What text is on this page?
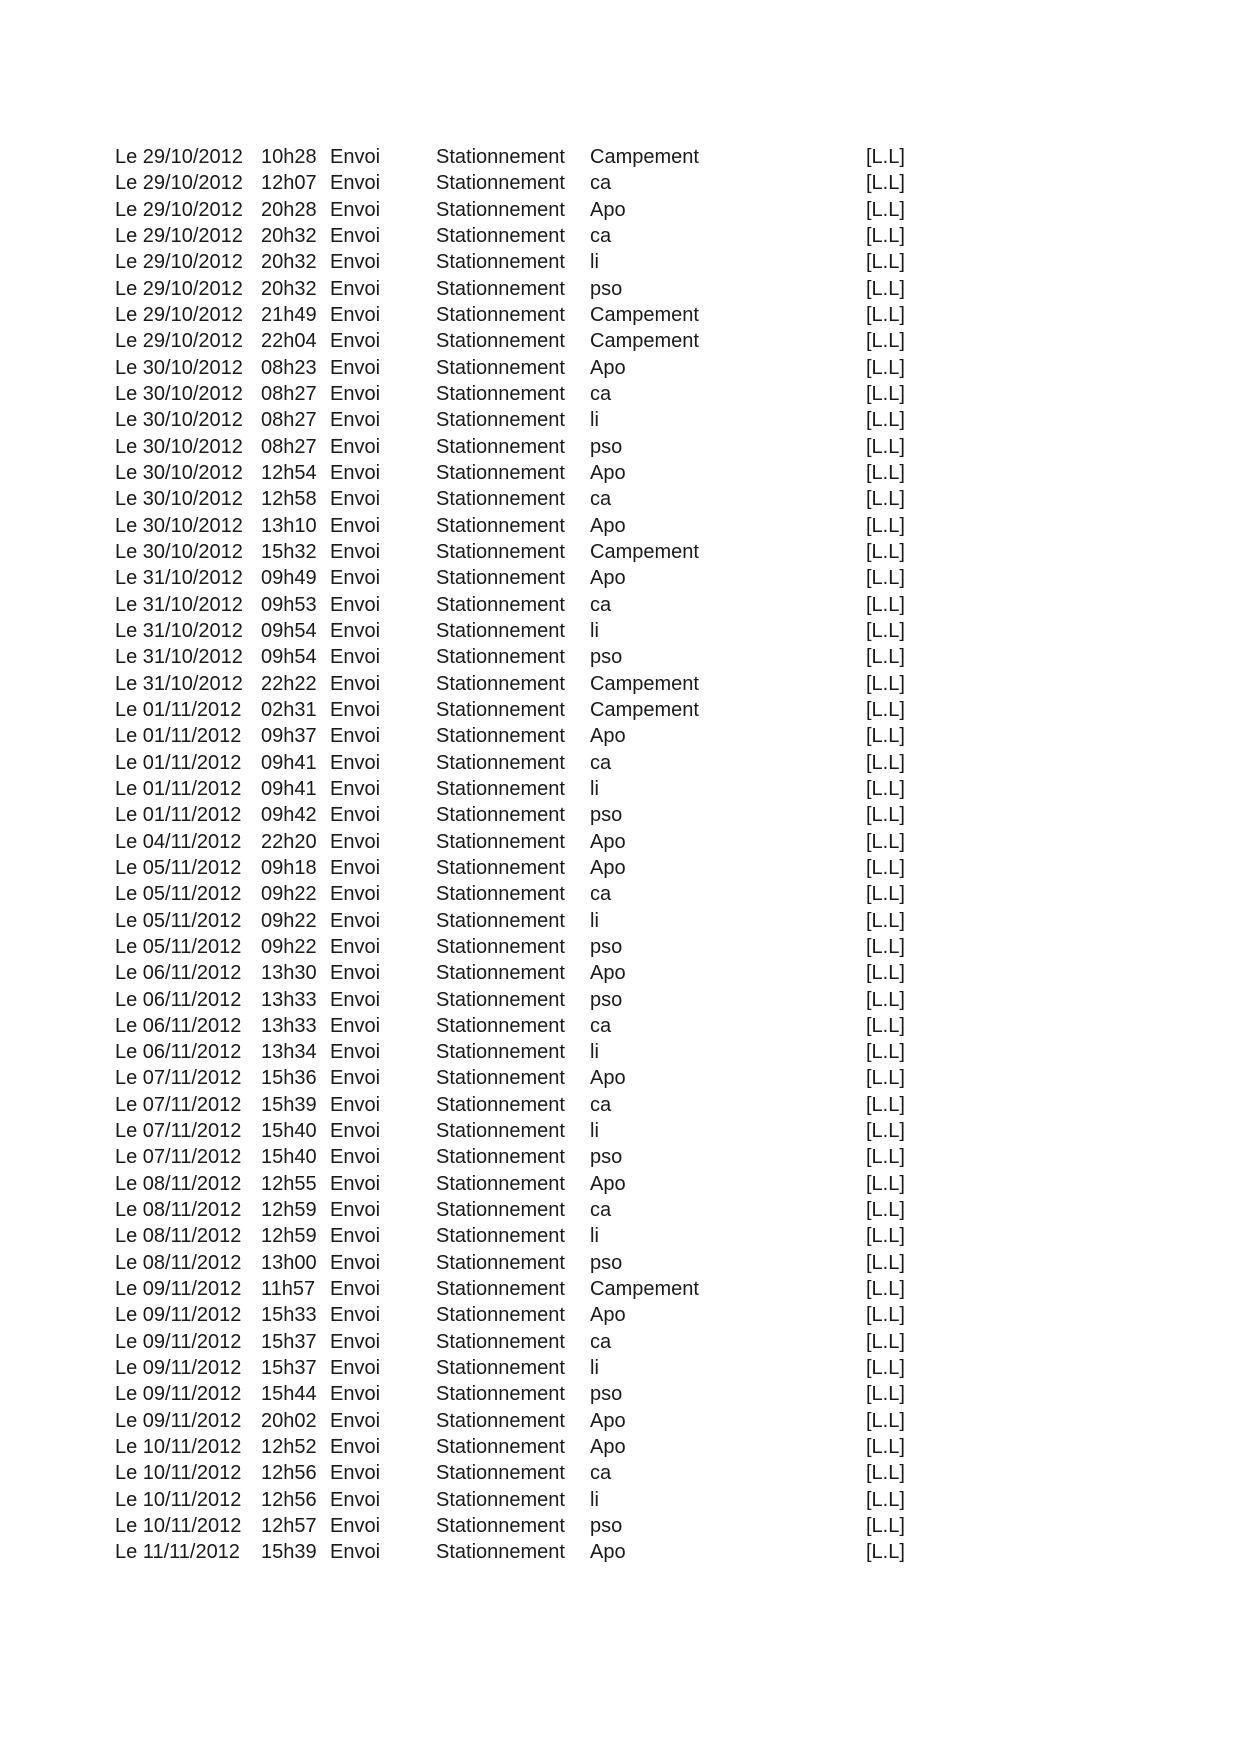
Le 29/10/2012 10h28 Envoi	Stationnement Campement	[L.L]
Le 29/10/2012 12h07 Envoi	Stationnement ca	[L.L]
Le 29/10/2012 20h28 Envoi	Stationnement Apo	[L.L]
Le 29/10/2012 20h32 Envoi	Stationnement ca	[L.L]
Le 29/10/2012 20h32 Envoi	Stationnement li	[L.L]
Le 29/10/2012 20h32 Envoi	Stationnement pso	[L.L]
Le 29/10/2012 21h49 Envoi	Stationnement Campement	[L.L]
Le 29/10/2012 22h04 Envoi	Stationnement Campement	[L.L]
Le 30/10/2012 08h23 Envoi	Stationnement Apo	[L.L]
Le 30/10/2012 08h27 Envoi	Stationnement ca	[L.L]
Le 30/10/2012 08h27 Envoi	Stationnement li	[L.L]
Le 30/10/2012 08h27 Envoi	Stationnement pso	[L.L]
Le 30/10/2012 12h54 Envoi	Stationnement Apo	[L.L]
Le 30/10/2012 12h58 Envoi	Stationnement ca	[L.L]
Le 30/10/2012 13h10 Envoi	Stationnement Apo	[L.L]
Le 30/10/2012 15h32 Envoi	Stationnement Campement	[L.L]
Le 31/10/2012 09h49 Envoi	Stationnement Apo	[L.L]
Le 31/10/2012 09h53 Envoi	Stationnement ca	[L.L]
Le 31/10/2012 09h54 Envoi	Stationnement li	[L.L]
Le 31/10/2012 09h54 Envoi	Stationnement pso	[L.L]
Le 31/10/2012 22h22 Envoi	Stationnement Campement	[L.L]
Le 01/11/2012 02h31 Envoi	Stationnement Campement	[L.L]
Le 01/11/2012 09h37 Envoi	Stationnement Apo	[L.L]
Le 01/11/2012 09h41 Envoi	Stationnement ca	[L.L]
Le 01/11/2012 09h41 Envoi	Stationnement li	[L.L]
Le 01/11/2012 09h42 Envoi	Stationnement pso	[L.L]
Le 04/11/2012 22h20 Envoi	Stationnement Apo	[L.L]
Le 05/11/2012 09h18 Envoi	Stationnement Apo	[L.L]
Le 05/11/2012 09h22 Envoi	Stationnement ca	[L.L]
Le 05/11/2012 09h22 Envoi	Stationnement li	[L.L]
Le 05/11/2012 09h22 Envoi	Stationnement pso	[L.L]
Le 06/11/2012 13h30 Envoi	Stationnement Apo	[L.L]
Le 06/11/2012 13h33 Envoi	Stationnement pso	[L.L]
Le 06/11/2012 13h33 Envoi	Stationnement ca	[L.L]
Le 06/11/2012 13h34 Envoi	Stationnement li	[L.L]
Le 07/11/2012 15h36 Envoi	Stationnement Apo	[L.L]
Le 07/11/2012 15h39 Envoi	Stationnement ca	[L.L]
Le 07/11/2012 15h40 Envoi	Stationnement li	[L.L]
Le 07/11/2012 15h40 Envoi	Stationnement pso	[L.L]
Le 08/11/2012 12h55 Envoi	Stationnement Apo	[L.L]
Le 08/11/2012 12h59 Envoi	Stationnement ca	[L.L]
Le 08/11/2012 12h59 Envoi	Stationnement li	[L.L]
Le 08/11/2012 13h00 Envoi	Stationnement pso	[L.L]
Le 09/11/2012 11h57 Envoi	Stationnement Campement	[L.L]
Le 09/11/2012 15h33 Envoi	Stationnement Apo	[L.L]
Le 09/11/2012 15h37 Envoi	Stationnement ca	[L.L]
Le 09/11/2012 15h37 Envoi	Stationnement li	[L.L]
Le 09/11/2012 15h44 Envoi	Stationnement pso	[L.L]
Le 09/11/2012 20h02 Envoi	Stationnement Apo	[L.L]
Le 10/11/2012 12h52 Envoi	Stationnement Apo	[L.L]
Le 10/11/2012 12h56 Envoi	Stationnement ca	[L.L]
Le 10/11/2012 12h56 Envoi	Stationnement li	[L.L]
Le 10/11/2012 12h57 Envoi	Stationnement pso	[L.L]
Le 11/11/2012 15h39 Envoi	Stationnement Apo	[L.L]
